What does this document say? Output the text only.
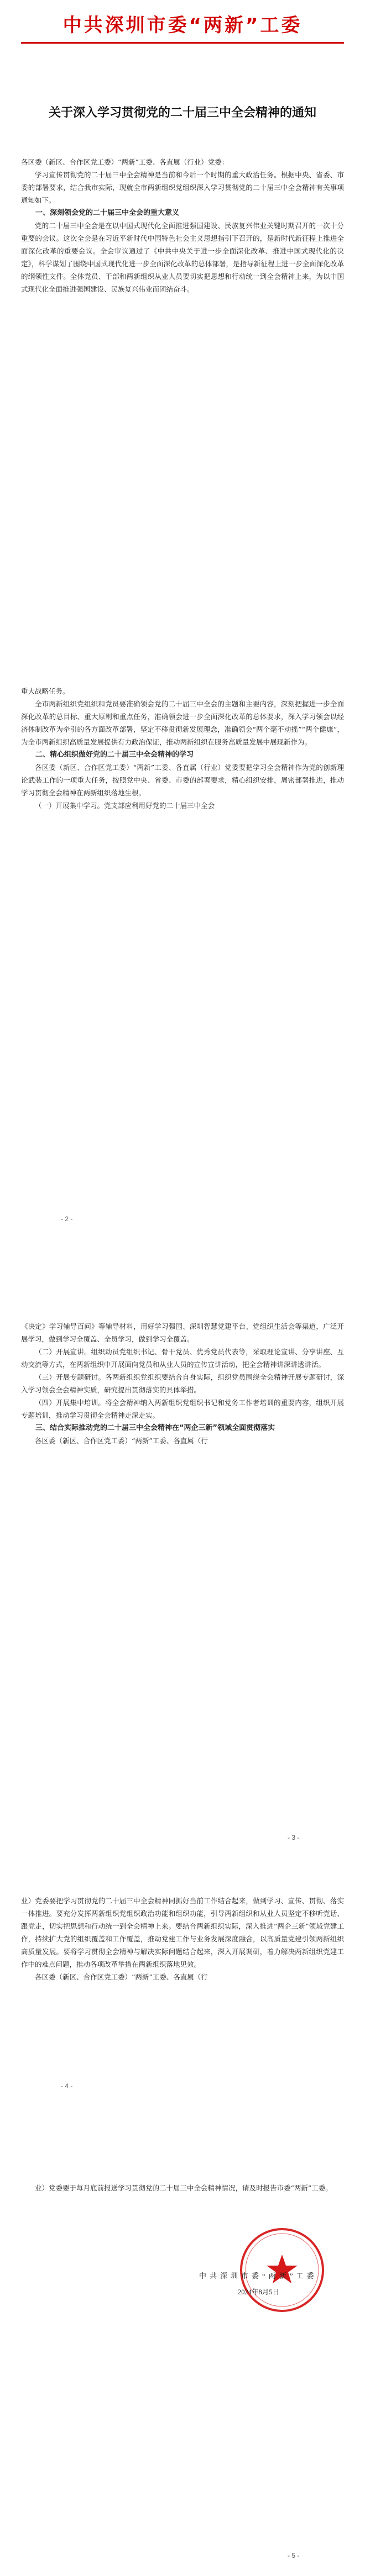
中共深圳市委“两新”工委
关于深入学习贯彻党的二十届三中全会精神的通知

各区委（新区、合作区党工委）“两新”工委、各直属（行业）党委：

学习宣传贯彻党的二十届三中全会精神是当前和今后一个时期的重大政治任务。根据中央、省委、市委的部署要求，结合我市实际，现就全市两新组织党组织深入学习贯彻党的二十届三中全会精神有关事项通知如下。

一、深刻领会党的二十届三中全会的重大意义

党的二十届三中全会是在以中国式现代化全面推进强国建设、民族复兴伟业关键时期召开的一次十分重要的会议。这次全会是在习近平新时代中国特色社会主义思想指引下召开的，是新时代新征程上推进全面深化改革的重要会议。全会审议通过了《中共中央关于进一步全面深化改革、推进中国式现代化的决定》，科学谋划了围绕中国式现代化进一步全面深化改革的总体部署，是指导新征程上进一步全面深化改革的纲领性文件。全体党员、干部和两新组织从业人员要切实把思想和行动统一到全会精神上来，为以中国式现代化全面推进强国建设、民族复兴伟业而团结奋斗。

重大战略任务。

全市两新组织党组织和党员要准确领会党的二十届三中全会的主题和主要内容，深刻把握进一步全面深化改革的总目标、重大原则和重点任务，准确领会进一步全面深化改革的总体要求，深入学习领会以经济体制改革为牵引的各方面改革部署，坚定不移贯彻新发展理念，准确领会“两个毫不动摇”“两个健康”，为全市两新组织高质量发展提供有力政治保证，推动两新组织在服务高质量发展中展现新作为。

二、精心组织做好党的二十届三中全会精神的学习

各区委（新区、合作区党工委）“两新”工委、各直属（行业）党委要把学习全会精神作为党的创新理论武装工作的一项重大任务，按照党中央、省委、市委的部署要求，精心组织安排，周密部署推进，推动学习贯彻全会精神在两新组织落地生根。

（一）开展集中学习。党支部应利用好党的二十届三中全会

- 2 -

《决定》学习辅导百问》等辅导材料，用好学习强国、深圳智慧党建平台、党组织生活会等渠道，广泛开展学习，做到学习全覆盖、全员学习，做到学习全覆盖。

（二）开展宣讲。组织动员党组织书记、骨干党员、优秀党员代表等，采取理论宣讲、分享讲座、互动交流等方式，在两新组织中开展面向党员和从业人员的宣传宣讲活动，把全会精神讲深讲透讲活。

（三）开展专题研讨。各两新组织党组织要结合自身实际，组织党员围绕全会精神开展专题研讨，深入学习领会全会精神实质，研究提出贯彻落实的具体举措。

（四）开展集中培训。将全会精神纳入两新组织党组织书记和党务工作者培训的重要内容，组织开展专题培训，推动学习贯彻全会精神走深走实。

三、结合实际推动党的二十届三中全会精神在“两企三新”领域全面贯彻落实

各区委（新区、合作区党工委）“两新”工委、各直属（行

- 3 -

业）党委要把学习贯彻党的二十届三中全会精神同抓好当前工作结合起来，做到学习、宣传、贯彻、落实一体推进。要充分发挥两新组织党组织政治功能和组织功能，引导两新组织和从业人员坚定不移听党话、跟党走，切实把思想和行动统一到全会精神上来。要结合两新组织实际，深入推进“两企三新”领域党建工作，持续扩大党的组织覆盖和工作覆盖，推动党建工作与业务发展深度融合，以高质量党建引领两新组织高质量发展。要将学习贯彻全会精神与解决实际问题结合起来，深入开展调研，着力解决两新组织党建工作中的难点问题，推动各项改革举措在两新组织落地见效。

各区委（新区、合作区党工委）“两新”工委、各直属（行

- 4 -

业）党委要于每月底前报送学习贯彻党的二十届三中全会精神情况，请及时报告市委“两新”工委。

中共深圳市委“两新”工委
2024年8月5日
- 5 -
